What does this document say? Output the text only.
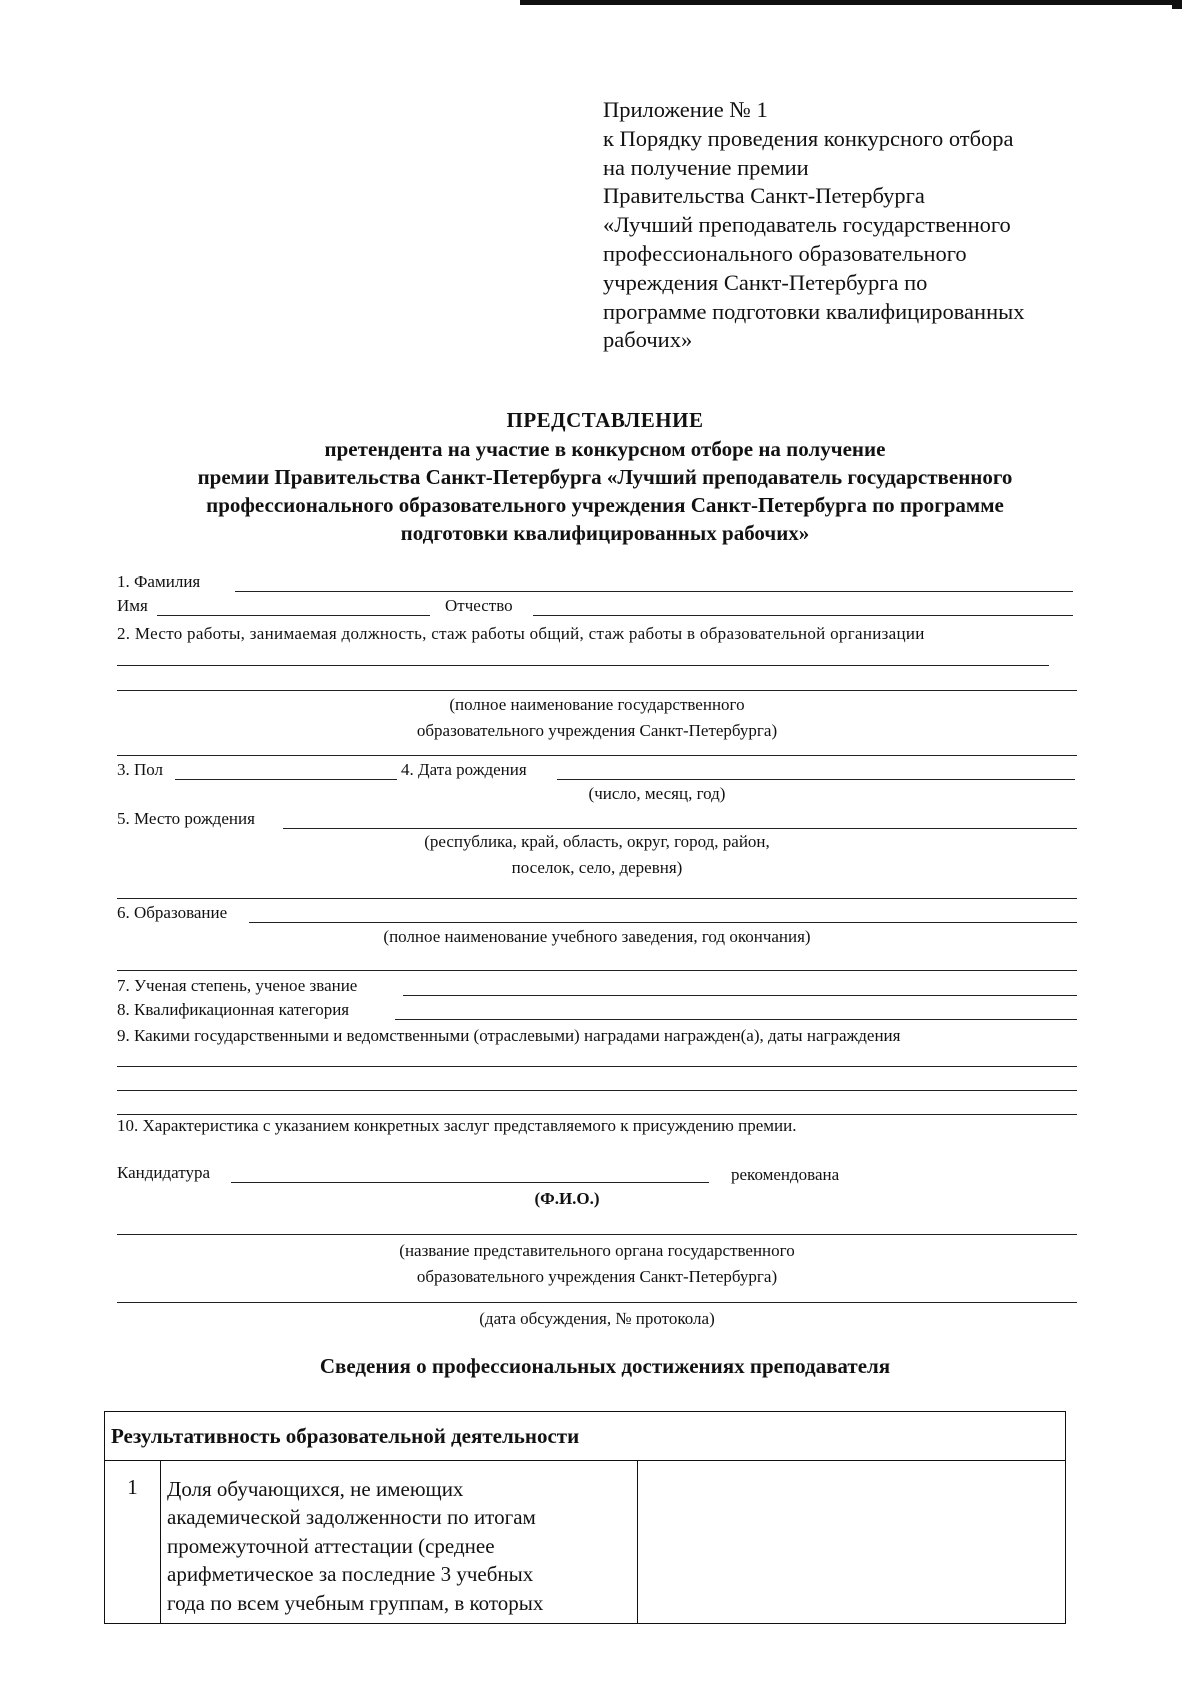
Приложение № 1
к Порядку проведения конкурсного отбора
на получение премии
Правительства Санкт-Петербурга
«Лучший преподаватель государственного
профессионального образовательного
учреждения Санкт-Петербурга по
программе подготовки квалифицированных
рабочих»
ПРЕДСТАВЛЕНИЕ
претендента на участие в конкурсном отборе на получение
премии Правительства Санкт-Петербурга «Лучший преподаватель государственного
профессионального образовательного учреждения Санкт-Петербурга по программе
подготовки квалифицированных рабочих»
1. Фамилия
Имя	Отчество
2. Место работы, занимаемая должность, стаж работы общий, стаж работы в образовательной организации
(полное наименование государственного
образовательного учреждения Санкт-Петербурга)
3. Пол	4. Дата рождения
(число, месяц, год)
5. Место рождения
(республика, край, область, округ, город, район,
поселок, село, деревня)
6. Образование
(полное наименование учебного заведения, год окончания)
7. Ученая степень, ученое звание
8. Квалификационная категория
9. Какими государственными и ведомственными (отраслевыми) наградами награжден(а), даты награждения
10. Характеристика с указанием конкретных заслуг представляемого к присуждению премии.
Кандидатура	рекомендована
(Ф.И.О.)
(название представительного органа государственного
образовательного учреждения Санкт-Петербурга)
(дата обсуждения, № протокола)
Сведения о профессиональных достижениях преподавателя
Результативность образовательной деятельности
1	Доля обучающихся, не имеющих
академической задолженности по итогам
промежуточной аттестации (среднее
арифметическое за последние 3 учебных
года по всем учебным группам, в которых
